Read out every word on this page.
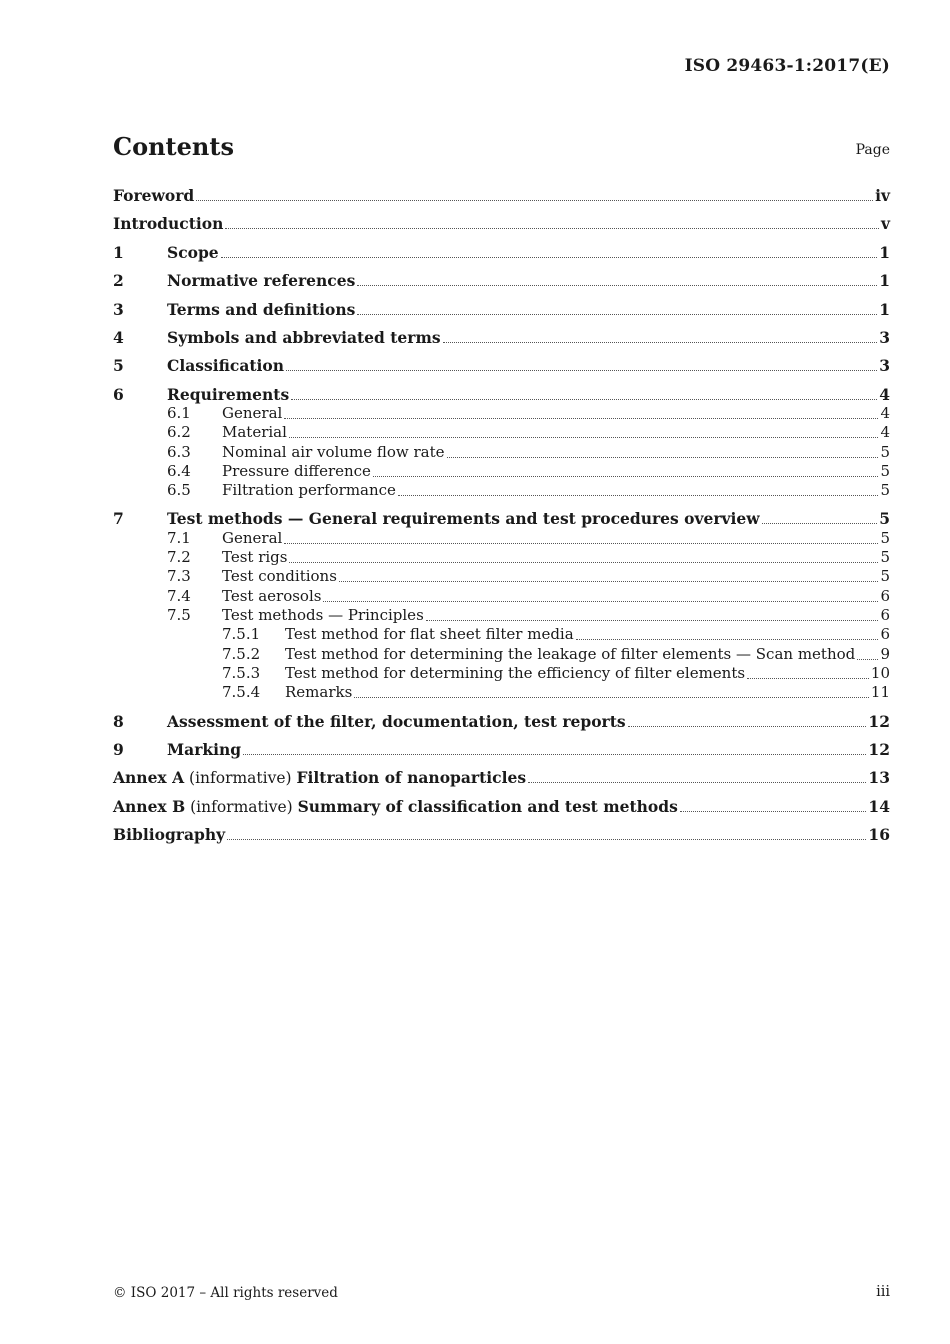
ISO 29463-1:2017(E)
Contents	Page
Foreword	iv
Introduction	v
1	Scope	1
2	Normative references	1
3	Terms and definitions	1
4	Symbols and abbreviated terms	3
5	Classification	3
6	Requirements	4
6.1	General	4
6.2	Material	4
6.3	Nominal air volume flow rate	5
6.4	Pressure difference	5
6.5	Filtration performance	5
7	Test methods — General requirements and test procedures overview	5
7.1	General	5
7.2	Test rigs	5
7.3	Test conditions	5
7.4	Test aerosols	6
7.5	Test methods — Principles	6
7.5.1	Test method for flat sheet filter media	6
7.5.2	Test method for determining the leakage of filter elements — Scan method 9
7.5.3	Test method for determining the efficiency of filter elements	10
7.5.4	Remarks	11
8	Assessment of the filter, documentation, test reports	12
9	Marking	12
Annex A (informative) Filtration of nanoparticles	13
Annex B (informative) Summary of classification and test methods	14
Bibliography	16
© ISO 2017 – All rights reserved	iii
